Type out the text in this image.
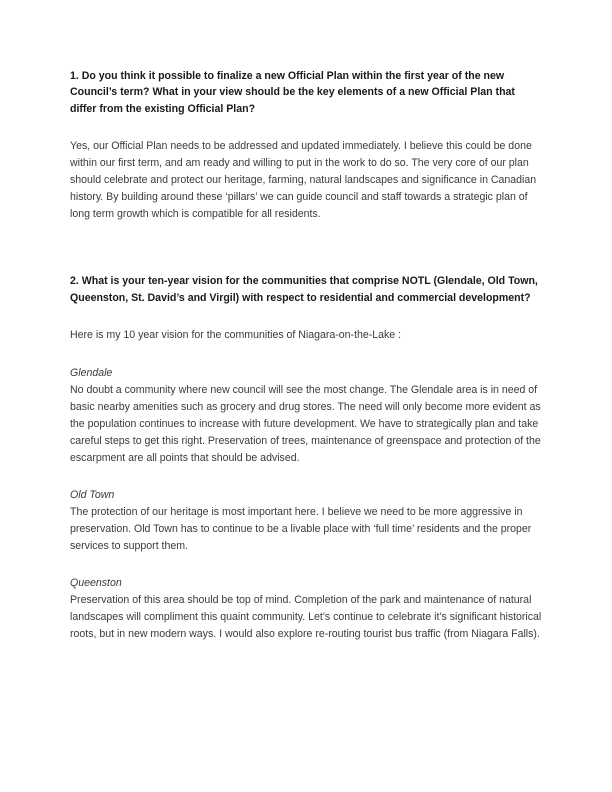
1. Do you think it possible to finalize a new Official Plan within the first year of the new Council’s term? What in your view should be the key elements of a new Official Plan that differ from the existing Official Plan?

Yes, our Official Plan needs to be addressed and updated immediately. I believe this could be done within our first term, and am ready and willing to put in the work to do so. The very core of our plan should celebrate and protect our heritage, farming, natural landscapes and significance in Canadian history. By building around these ‘pillars’ we can guide council and staff towards a strategic plan of long term growth which is compatible for all residents.

2. What is your ten-year vision for the communities that comprise NOTL (Glendale, Old Town, Queenston, St. David’s and Virgil) with respect to residential and commercial development?

Here is my 10 year vision for the communities of Niagara-on-the-Lake :

Glendale

No doubt a community where new council will see the most change. The Glendale area is in need of basic nearby amenities such as grocery and drug stores. The need will only become more evident as the population continues to increase with future development. We have to strategically plan and take careful steps to get this right. Preservation of trees, maintenance of greenspace and protection of the escarpment are all points that should be advised.

Old Town

The protection of our heritage is most important here. I believe we need to be more aggressive in preservation. Old Town has to continue to be a livable place with ‘full time’ residents and the proper services to support them.

Queenston

Preservation of this area should be top of mind. Completion of the park and maintenance of natural landscapes will compliment this quaint community. Let’s continue to celebrate it’s significant historical roots, but in new modern ways. I would also explore re-routing tourist bus traffic (from Niagara Falls).
